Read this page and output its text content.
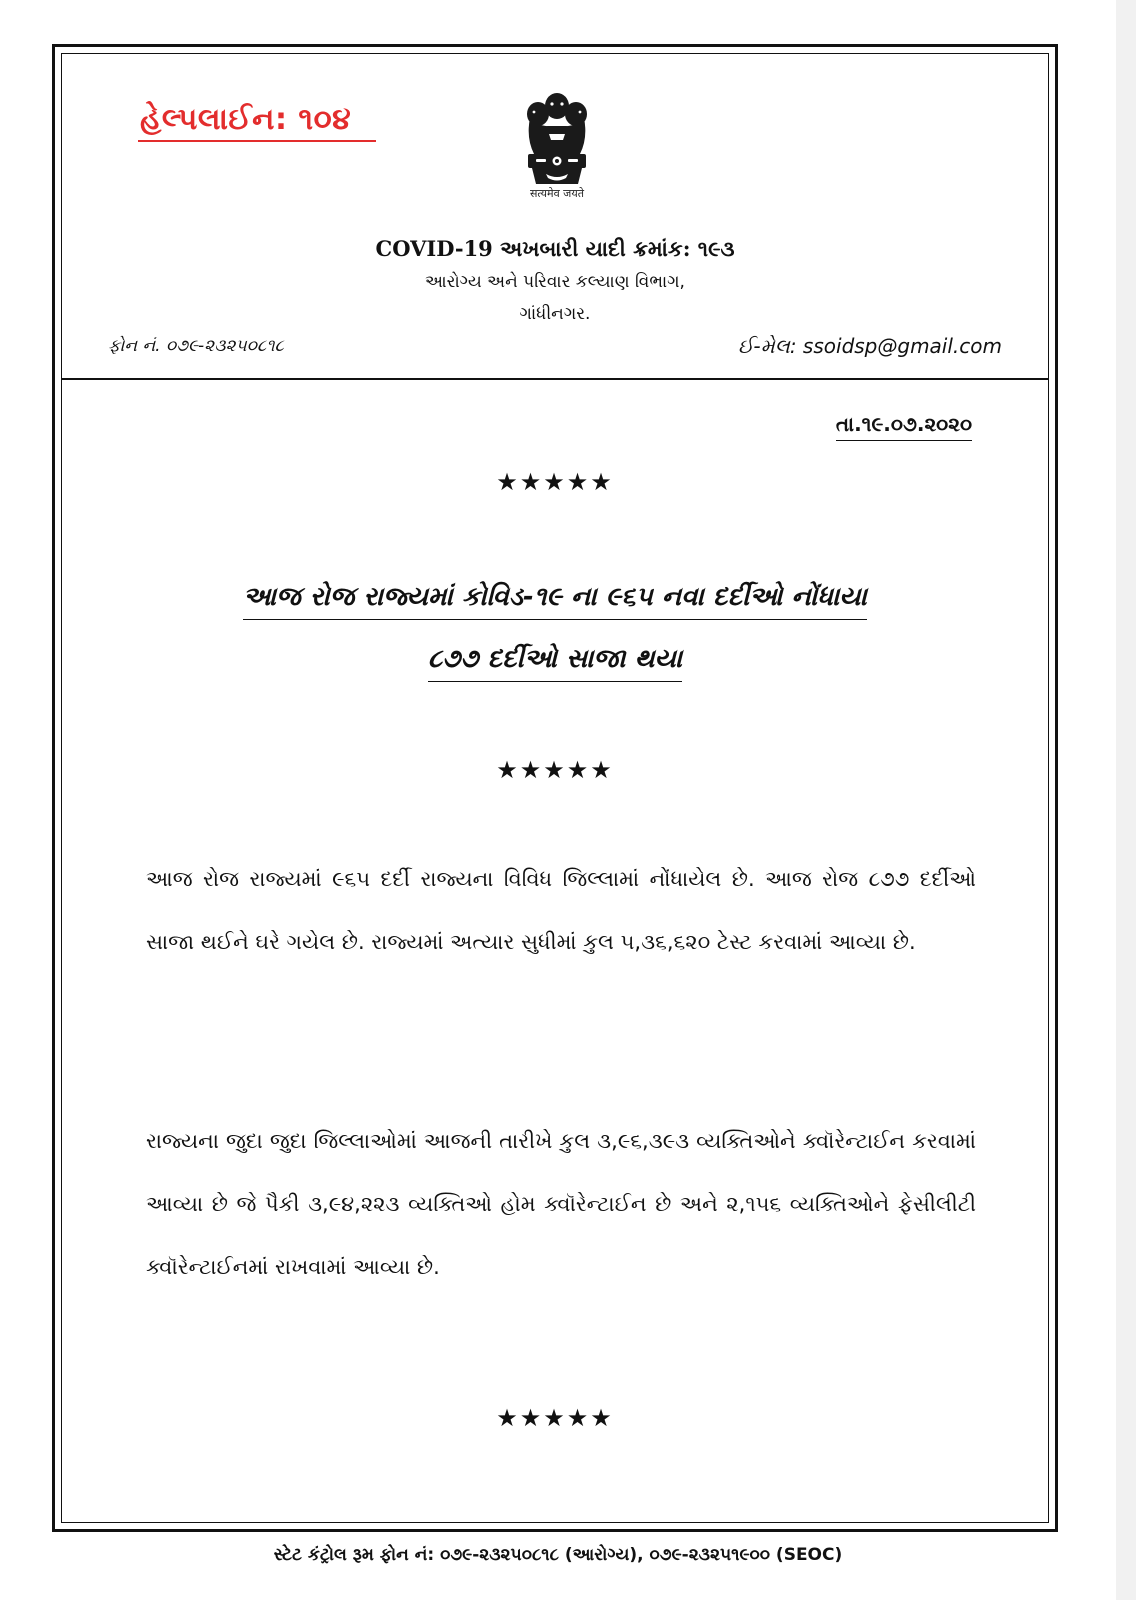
હેલ્પલાઈન: ૧૦૪
सत्यमेव जयते
COVID-19 અખબારી યાદી ક્રમાંક: ૧૯૩
આરોગ્ય અને પરિવાર કલ્યાણ વિભાગ,
ગાંધીનગર.
ફોન નં. ૦૭૯-૨૩૨૫૦૮૧૮	ઈ-મેલ: ssoidsp@gmail.com
તા.૧૯.૦૭.૨૦૨૦
★★★★★
આજ રોજ રાજ્યમાં કોવિડ-૧૯ ના ૯૬૫ નવા દર્દીઓ નોંધાયા
૮૭૭ દર્દીઓ સાજા થયા
★★★★★
આજ રોજ રાજ્યમાં ૯૬૫ દર્દી રાજ્યના વિવિધ જિલ્લામાં નોંધાયેલ છે. આજ રોજ ૮૭૭ દર્દીઓ સાજા થઈને ઘરે ગયેલ છે. રાજ્યમાં અત્યાર સુધીમાં કુલ ૫,૩૬,૬૨૦ ટેસ્ટ કરવામાં આવ્યા છે.
રાજ્યના જુદા જુદા જિલ્લાઓમાં આજની તારીખે કુલ ૩,૯૬,૩૯૩ વ્યક્તિઓને ક્વૉરેન્ટાઈન કરવામાં આવ્યા છે જે પૈકી ૩,૯૪,૨૨૩ વ્યક્તિઓ હોમ ક્વૉરેન્ટાઈન છે અને ૨,૧૫૬ વ્યક્તિઓને ફેસીલીટી ક્વૉરેન્ટાઈનમાં રાખવામાં આવ્યા છે.
★★★★★
સ્ટેટ કંટ્રોલ રૂમ ફોન નં: ૦૭૯-૨૩૨૫૦૮૧૮ (આરોગ્ય), ૦૭૯-૨૩૨૫૧૯૦૦ (SEOC)
